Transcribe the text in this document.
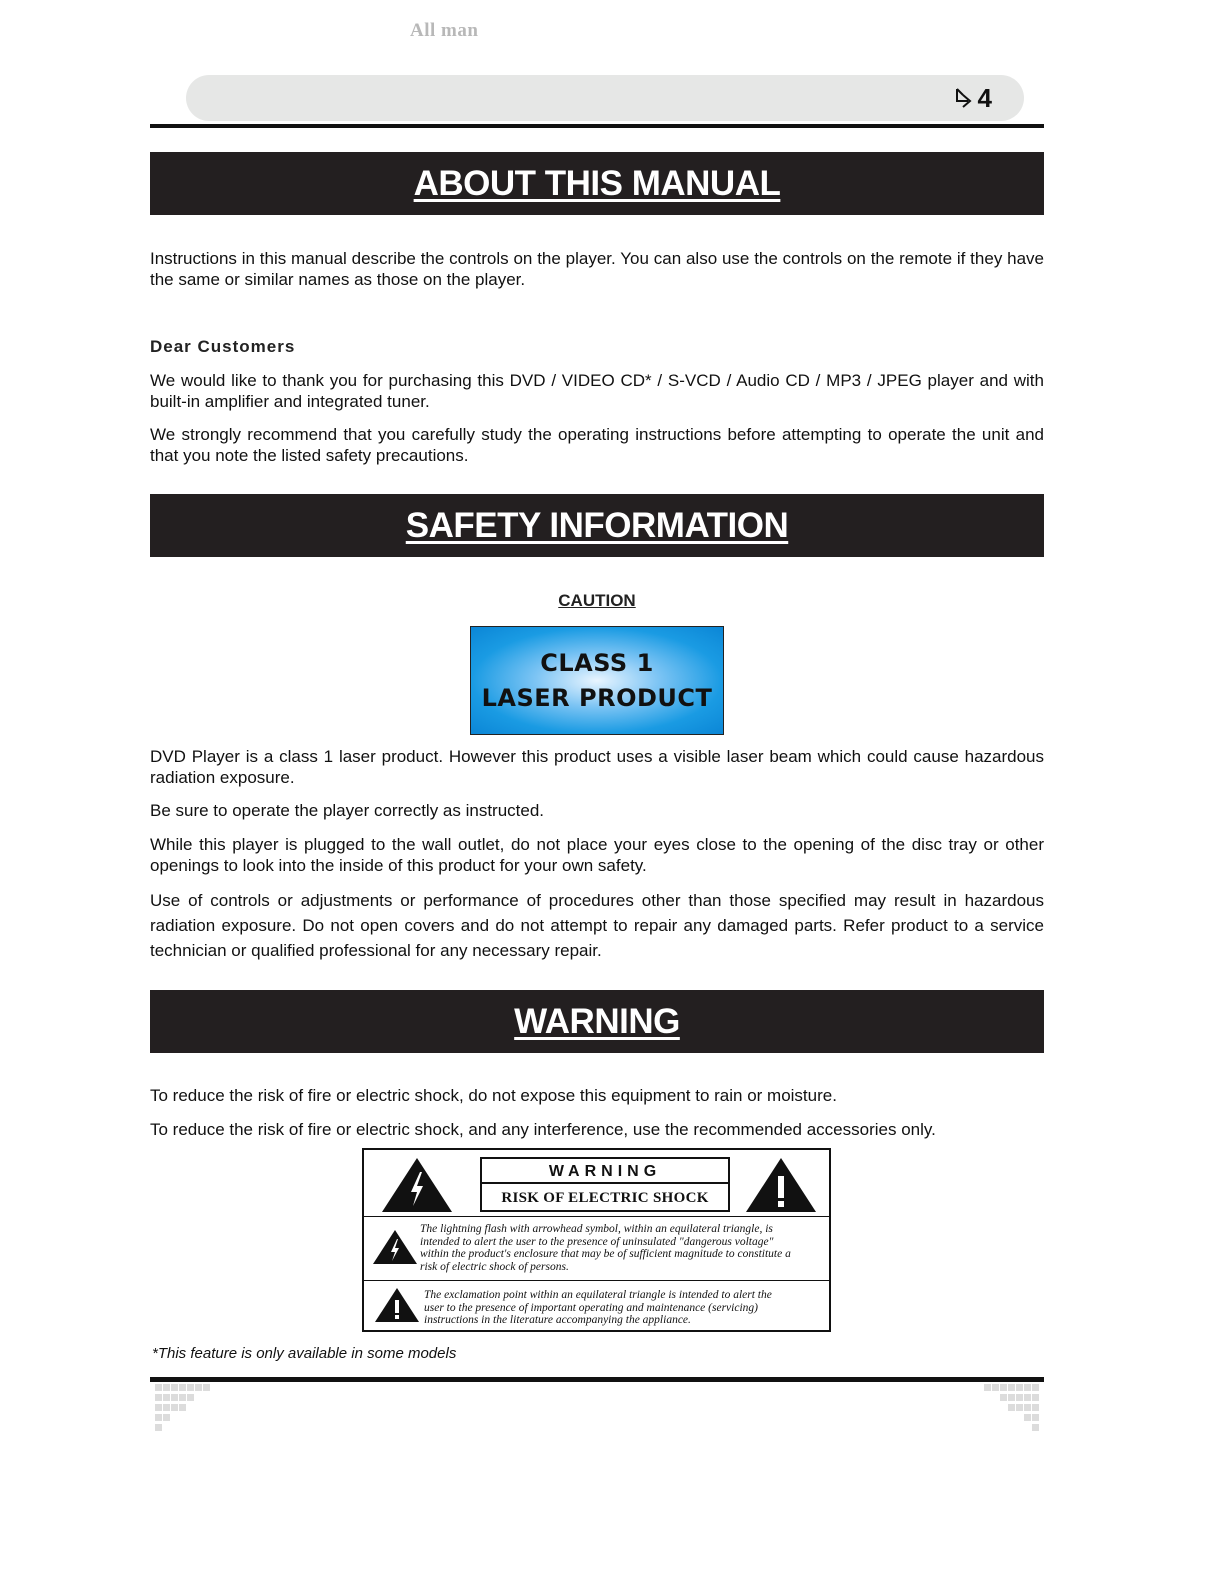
All man
4
ABOUT THIS MANUAL
Instructions in this manual describe the controls on the player. You can also use the controls on the remote if they have the same or similar names as those on the player.
Dear Customers
We would like to thank you for purchasing this DVD / VIDEO CD* / S-VCD / Audio CD / MP3 / JPEG player and with built-in amplifier and integrated tuner.
We strongly recommend that you carefully study the operating instructions before attempting to operate the unit and that you note the listed safety precautions.
SAFETY INFORMATION
CAUTION
CLASS 1
LASER PRODUCT
DVD Player is a class 1 laser product. However this product uses a visible laser beam which could cause hazardous radiation exposure.
Be sure to operate the player correctly as instructed.
While this player is plugged to the wall outlet, do not place your eyes close to the opening of the disc tray or other openings to look into the inside of this product for your own safety.
Use of controls or adjustments or performance of procedures other than those specified may result in hazardous radiation exposure. Do not open covers and do not attempt to repair any damaged parts. Refer product to a service technician or qualified professional for any necessary repair.
WARNING
To reduce the risk of fire or electric shock, do not expose this equipment to rain or moisture.
To reduce the risk of fire or electric shock, and any interference, use the recommended accessories only.
WARNING
RISK OF ELECTRIC SHOCK
The lightning flash with arrowhead symbol, within an equilateral triangle, is intended to alert the user to the presence of uninsulated "dangerous voltage" within the product's enclosure that may be of sufficient magnitude to constitute a risk of electric shock of persons.
The exclamation point within an equilateral triangle is intended to alert the user to the presence of important operating and maintenance (servicing) instructions in the literature accompanying the appliance.
*This feature is only available in some models
